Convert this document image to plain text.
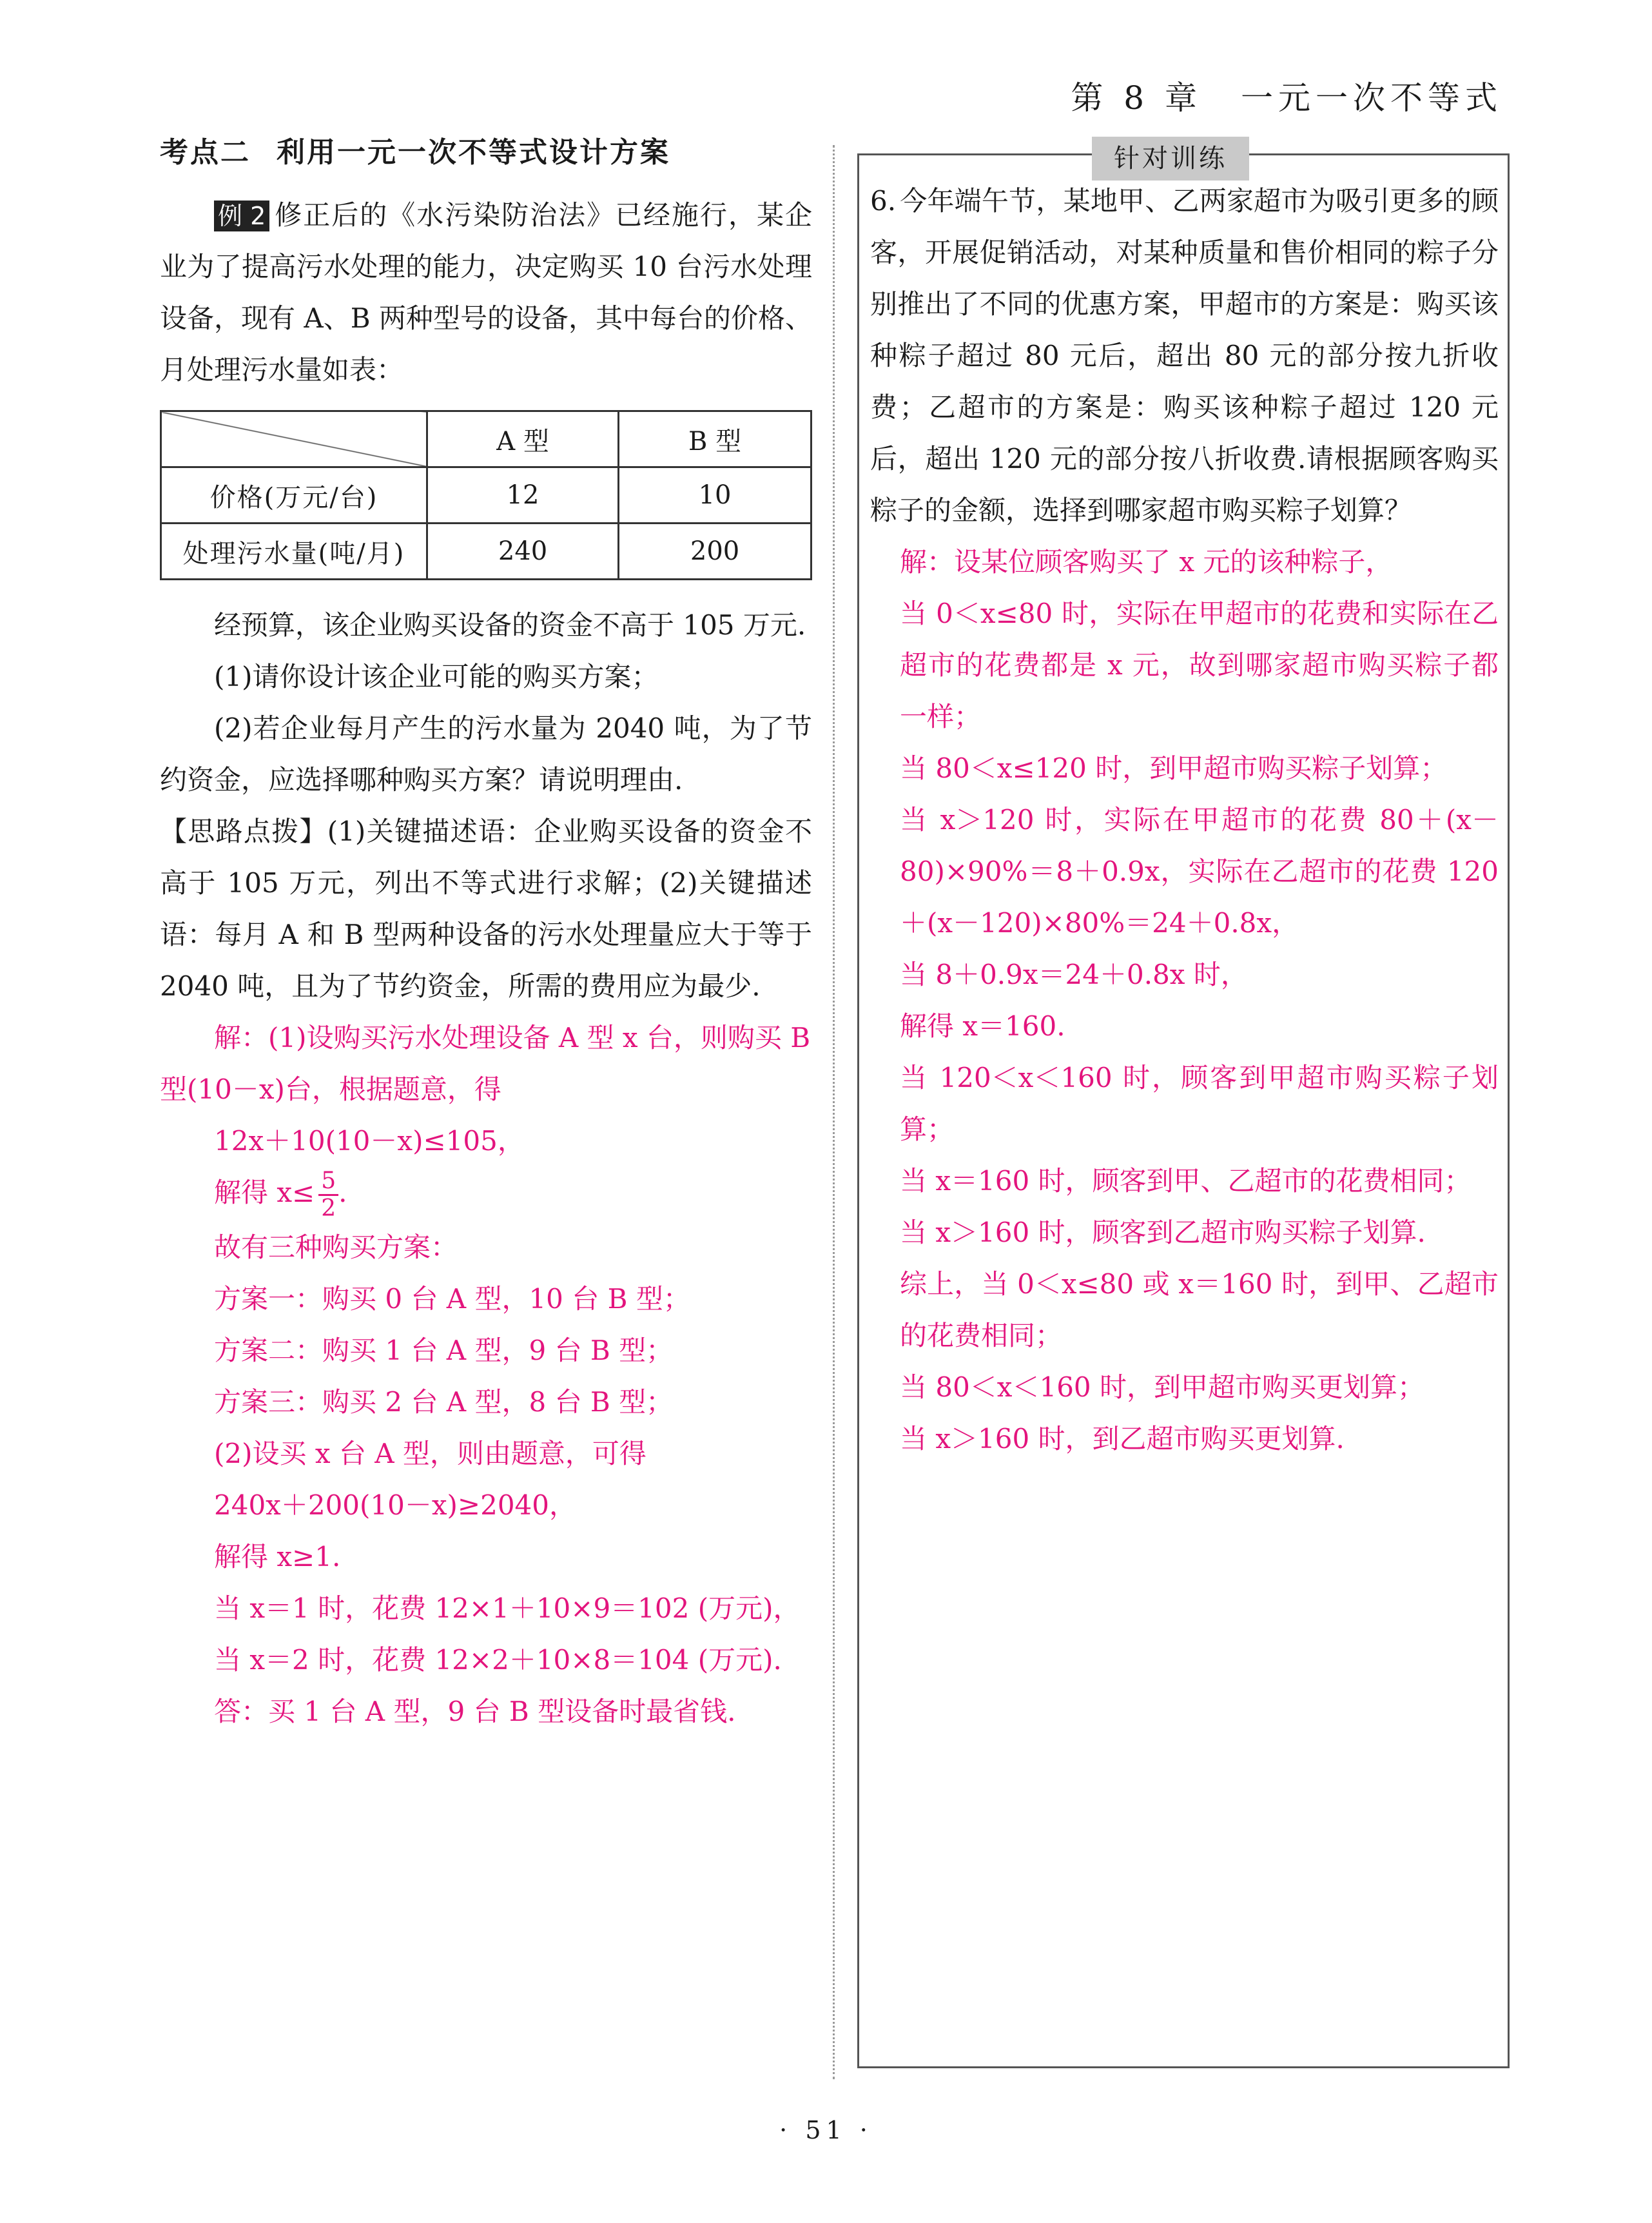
第 8 章 一元一次不等式

考点二 利用一元一次不等式设计方案

例 2 修正后的《水污染防治法》已经施行，某企业为了提高污水处理的能力，决定购买 10 台污水处理设备，现有 A、B 两种型号的设备，其中每台的价格、月处理污水量如表：

	A 型	B 型
价格(万元/台)	12	10
处理污水量(吨/月)	240	200

经预算，该企业购买设备的资金不高于 105 万元.

(1)请你设计该企业可能的购买方案；

(2)若企业每月产生的污水量为 2040 吨，为了节约资金，应选择哪种购买方案？请说明理由.

【思路点拨】(1)关键描述语：企业购买设备的资金不高于 105 万元，列出不等式进行求解；(2)关键描述语：每月 A 和 B 型两种设备的污水处理量应大于等于 2040 吨，且为了节约资金，所需的费用应为最少.

解：(1)设购买污水处理设备 A 型 x 台，则购买 B 型(10－x)台，根据题意，得

12x＋10(10－x)≤105，

解得 $x\le \frac{5}{2}$ .

故有三种购买方案：

方案一：购买 0 台 A 型，10 台 B 型；

方案二：购买 1 台 A 型，9 台 B 型；

方案三：购买 2 台 A 型，8 台 B 型；

(2)设买 x 台 A 型，则由题意，可得

240x＋200(10－x)≥2040，

解得 x≥1.

当 x＝1 时，花费 12×1＋10×9＝102 (万元)，

当 x＝2 时，花费 12×2＋10×8＝104 (万元).

答：买 1 台 A 型，9 台 B 型设备时最省钱.

针对训练

6. 今年端午节，某地甲、乙两家超市为吸引更多的顾客，开展促销活动，对某种质量和售价相同的粽子分别推出了不同的优惠方案，甲超市的方案是：购买该种粽子超过 80 元后，超出 80 元的部分按九折收费；乙超市的方案是：购买该种粽子超过 120 元后，超出 120 元的部分按八折收费.请根据顾客购买粽子的金额，选择到哪家超市购买粽子划算？

解：设某位顾客购买了 x 元的该种粽子，

当 0＜x≤80 时，实际在甲超市的花费和实际在乙超市的花费都是 x 元，故到哪家超市购买粽子都一样；

当 80＜x≤120 时，到甲超市购买粽子划算；

当 x＞120 时，实际在甲超市的花费 80＋(x－80)×90%＝8＋0.9x，实际在乙超市的花费 120＋(x－120)×80%＝24＋0.8x，

当 8＋0.9x＝24＋0.8x 时，

解得 x＝160.

当 120＜x＜160 时，顾客到甲超市购买粽子划算；

当 x＝160 时，顾客到甲、乙超市的花费相同；

当 x＞160 时，顾客到乙超市购买粽子划算.

综上，当 0＜x≤80 或 x＝160 时，到甲、乙超市的花费相同；

当 80＜x＜160 时，到甲超市购买更划算；

当 x＞160 时，到乙超市购买更划算.

· 51 ·
